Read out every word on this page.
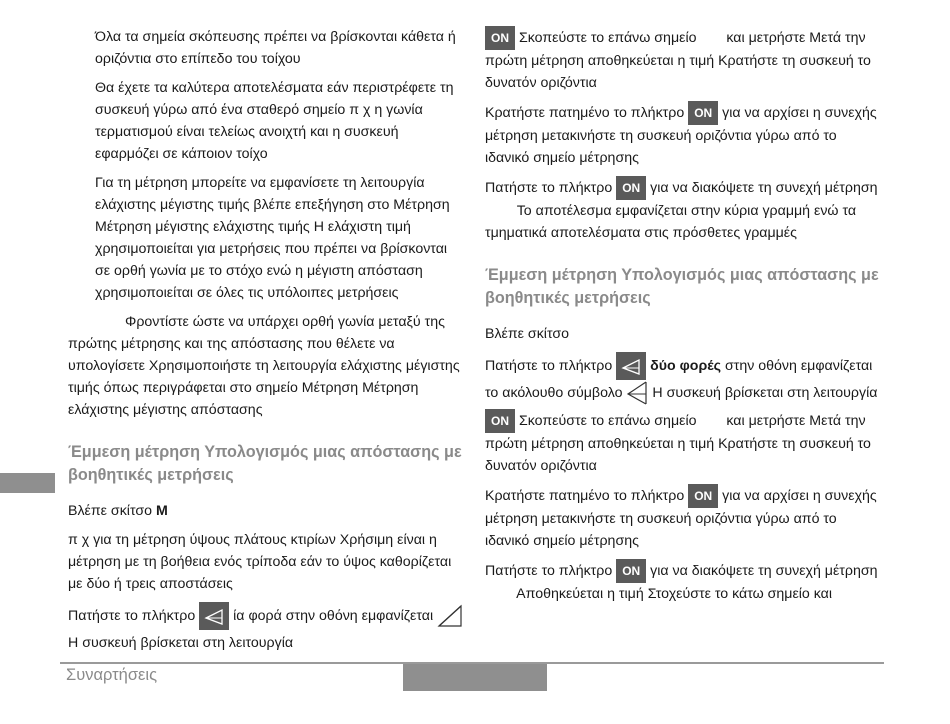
Όλα τα σημεία σκόπευσης πρέπει να βρίσκονται κάθετα ή οριζόντια στο επίπεδο του τοίχου

Θα έχετε τα καλύτερα αποτελέσματα εάν περιστρέφετε τη συσκευή γύρω από ένα σταθερό σημείο π χ η γωνία τερματισμού είναι τελείως ανοιχτή και η συσκευή εφαρμόζει σε κάποιον τοίχο

Για τη μέτρηση μπορείτε να εμφανίσετε τη λειτουργία ελάχιστης μέγιστης τιμής βλέπε επεξήγηση στο Μέτρηση Μέτρηση μέγιστης ελάχιστης τιμής Η ελάχιστη τιμή χρησιμοποιείται για μετρήσεις που πρέπει να βρίσκονται σε ορθή γωνία με το στόχο ενώ η μέγιστη απόσταση χρησιμοποιείται σε όλες τις υπόλοιπες μετρήσεις

Φροντίστε ώστε να υπάρχει ορθή γωνία μεταξύ της πρώτης μέτρησης και της απόστασης που θέλετε να υπολογίσετε Χρησιμοποιήστε τη λειτουργία ελάχιστης μέγιστης τιμής όπως περιγράφεται στο σημείο Μέτρηση Μέτρηση ελάχιστης μέγιστης απόστασης

Έμμεση μέτρηση Υπολογισμός μιας απόστασης με βοηθητικές μετρήσεις

Βλέπε σκίτσο M

π χ για τη μέτρηση ύψους πλάτους κτιρίων Χρήσιμη είναι η μέτρηση με τη βοήθεια ενός τρίποδα εάν το ύψος καθορίζεται με δύο ή τρεις αποστάσεις

Πατήστε το πλήκτρο	ία φορά στην οθόνη εμφανίζεται

Η συσκευή βρίσκεται στη λειτουργία

ON Σκοπεύστε το επάνω σημείο και μετρήστε Μετά την πρώτη μέτρηση αποθηκεύεται η τιμή Κρατήστε τη συσκευή το δυνατόν οριζόντια

Κρατήστε πατημένο το πλήκτρο ON για να αρχίσει η συνεχής μέτρηση μετακινήστε τη συσκευή οριζόντια γύρω από το ιδανικό σημείο μέτρησης

Πατήστε το πλήκτρο ON για να διακόψετε τη συνεχή μέτρηση  Το αποτέλεσμα εμφανίζεται στην κύρια γραμμή ενώ τα τμηματικά αποτελέσματα στις πρόσθετες γραμμές

Έμμεση μέτρηση Υπολογισμός μιας απόστασης με βοηθητικές μετρήσεις

Βλέπε σκίτσο

Πατήστε το πλήκτρο	δύο φορές στην οθόνη εμφανίζεται το ακόλουθο σύμβολο Η συσκευή βρίσκεται στη λειτουργία

ON Σκοπεύστε το επάνω σημείο και μετρήστε Μετά την πρώτη μέτρηση αποθηκεύεται η τιμή Κρατήστε τη συσκευή το δυνατόν οριζόντια

Κρατήστε πατημένο το πλήκτρο ON για να αρχίσει η συνεχής μέτρηση μετακινήστε τη συσκευή οριζόντια γύρω από το ιδανικό σημείο μέτρησης

Πατήστε το πλήκτρο ON για να διακόψετε τη συνεχή μέτρηση  Αποθηκεύεται η τιμή Στοχεύστε το κάτω σημείο και

Συναρτήσεις
